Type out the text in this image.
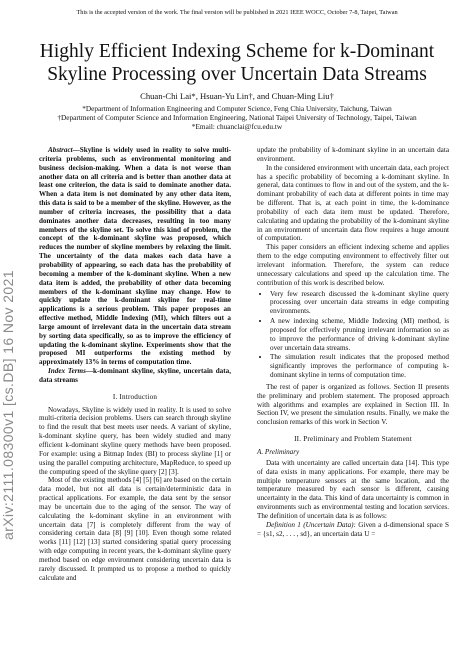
This is the accepted version of the work. The final version will be published in 2021 IEEE WOCC, October 7-8, Taipei, Taiwan
Highly Efficient Indexing Scheme for k-Dominant
Skyline Processing over Uncertain Data Streams
Chuan-Chi Lai*, Hsuan-Yu Lin†, and Chuan-Ming Liu†
*Department of Information Engineering and Computer Science, Feng Chia University, Taichung, Taiwan
†Department of Computer Science and Information Engineering, National Taipei University of Technology, Taipei, Taiwan
*Email: chuanclai@fcu.edu.tw
arXiv:2111.08300v1 [cs.DB] 16 Nov 2021

Abstract—Skyline is widely used in reality to solve multi-criteria problems, such as environmental monitoring and business decision-making. When a data is not worse than another data on all criteria and is better than another data at least one criterion, the data is said to dominate another data. When a data item is not dominated by any other data item, this data is said to be a member of the skyline. However, as the number of criteria increases, the possibility that a data dominates another data decreases, resulting in too many members of the skyline set. To solve this kind of problem, the concept of the k-dominant skyline was proposed, which reduces the number of skyline members by relaxing the limit. The uncertainty of the data makes each data have a probability of appearing, so each data has the probability of becoming a member of the k-dominant skyline. When a new data item is added, the probability of other data becoming members of the k-dominant skyline may change. How to quickly update the k-dominant skyline for real-time applications is a serious problem. This paper proposes an effective method, Middle Indexing (MI), which filters out a large amount of irrelevant data in the uncertain data stream by sorting data specifically, so as to improve the efficiency of updating the k-dominant skyline. Experiments show that the proposed MI outperforms the existing method by approximately 13% in terms of computation time.

Index Terms—k-dominant skyline, skyline, uncertain data, data streams

I. Introduction

Nowadays, Skyline is widely used in reality. It is used to solve multi-criteria decision problems. Users can search through skyline to find the result that best meets user needs. A variant of skyline, k-dominant skyline query, has been widely studied and many efficient k-dominant skyline query methods have been proposed. For example: using a Bitmap Index (BI) to process skyline [1] or using the parallel computing architecture, MapReduce, to speed up the computing speed of the skyline query [2] [3].

Most of the existing methods [4] [5] [6] are based on the certain data model, but not all data is certain/deterministic data in practical applications. For example, the data sent by the sensor may be uncertain due to the aging of the sensor. The way of calculating the k-dominant skyline in an environment with uncertain data [7] is completely different from the way of considering certain data [8] [9] [10]. Even though some related works [11] [12] [13] started considering spatial query processing with edge computing in recent years, the k-dominant skyline query method based on edge environment considering uncertain data is rarely discussed. It prompted us to propose a method to quickly calculate and

update the probability of k-dominant skyline in an uncertain data environment.

In the considered environment with uncertain data, each project has a specific probability of becoming a k-dominant skyline. In general, data continues to flow in and out of the system, and the k-dominant probability of each data at different points in time may be different. That is, at each point in time, the k-dominance probability of each data item must be updated. Therefore, calculating and updating the probability of the k-dominant skyline in an environment of uncertain data flow requires a huge amount of computation.

This paper considers an efficient indexing scheme and applies them to the edge computing environment to effectively filter out irrelevant information. Therefore, the system can reduce unnecessary calculations and speed up the calculation time. The contribution of this work is described below.

• Very few research discussed the k-dominant skyline query processing over uncertain data streams in edge computing environments.
• A new indexing scheme, Middle Indexing (MI) method, is proposed for effectively pruning irrelevant information so as to improve the performance of driving k-dominant skyline over uncertain data streams.
• The simulation result indicates that the proposed method significantly improves the performance of computing k-dominant skyline in terms of computation time.

The rest of paper is organized as follows. Section II presents the preliminary and problem statement. The proposed approach with algorithms and examples are explained in Section III. In Section IV, we present the simulation results. Finally, we make the conclusion remarks of this work in Section V.

II. Preliminary and Problem Statement
A. Preliminary

Data with uncertainty are called uncertain data [14]. This type of data exists in many applications. For example, there may be multiple temperature sensors at the same location, and the temperature measured by each sensor is different, causing uncertainty in the data. This kind of data uncertainty is common in environments such as environmental testing and location services. The definition of uncertain data is as follows:

Definition 1 (Uncertain Data): Given a d-dimensional space S = {s1, s2, . . . , sd}, an uncertain data U =
